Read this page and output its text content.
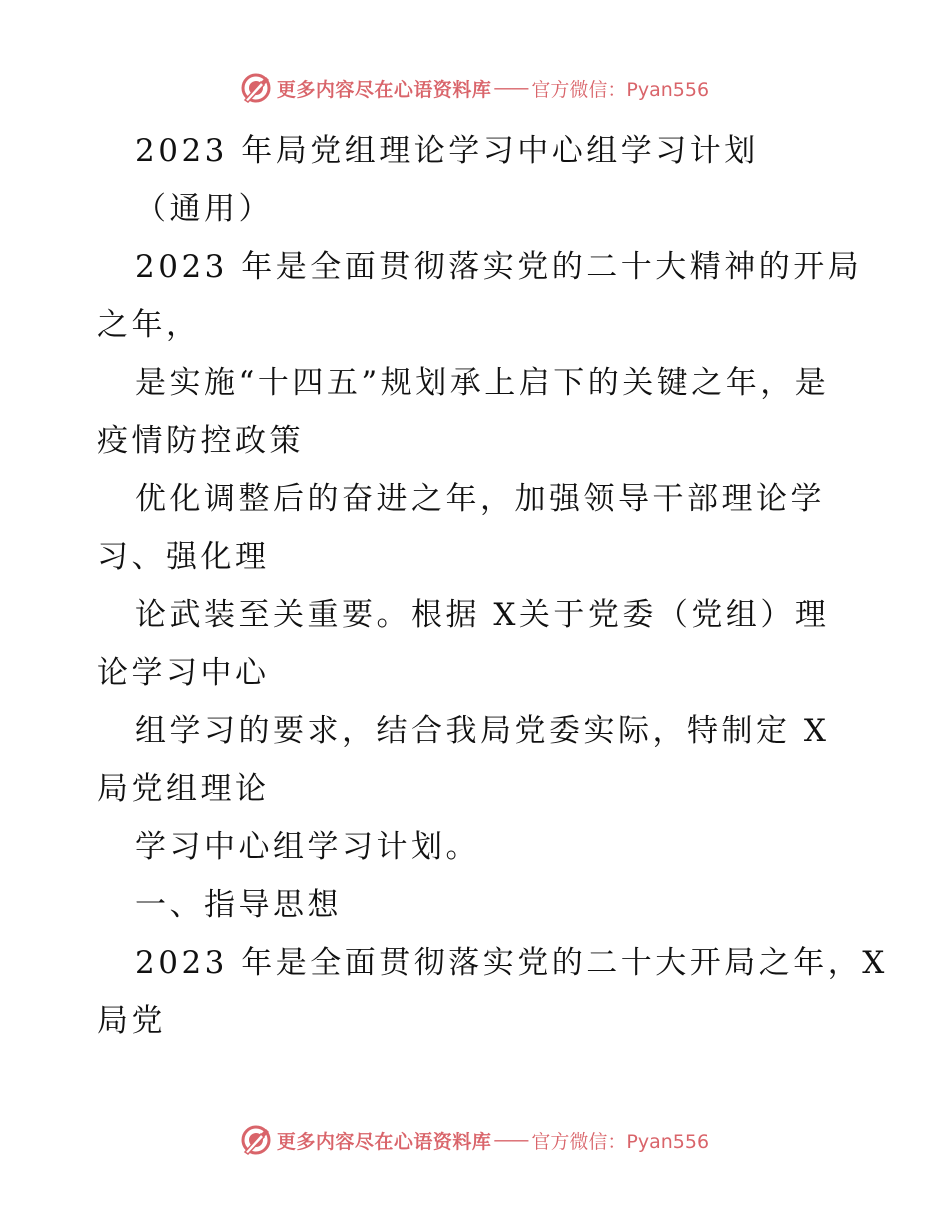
更多内容尽在心语资料库 —— 官方微信：Pyan556
2023 年局党组理论学习中心组学习计划
（通用）
2023 年是全面贯彻落实党的二十大精神的开局
之年，
是实施“十四五”规划承上启下的关键之年，是
疫情防控政策
优化调整后的奋进之年，加强领导干部理论学
习、强化理
论武装至关重要。根据 X关于党委（党组）理
论学习中心
组学习的要求，结合我局党委实际，特制定 X
局党组理论
学习中心组学习计划。
一、指导思想
2023 年是全面贯彻落实党的二十大开局之年，X
局党
更多内容尽在心语资料库 —— 官方微信：Pyan556
